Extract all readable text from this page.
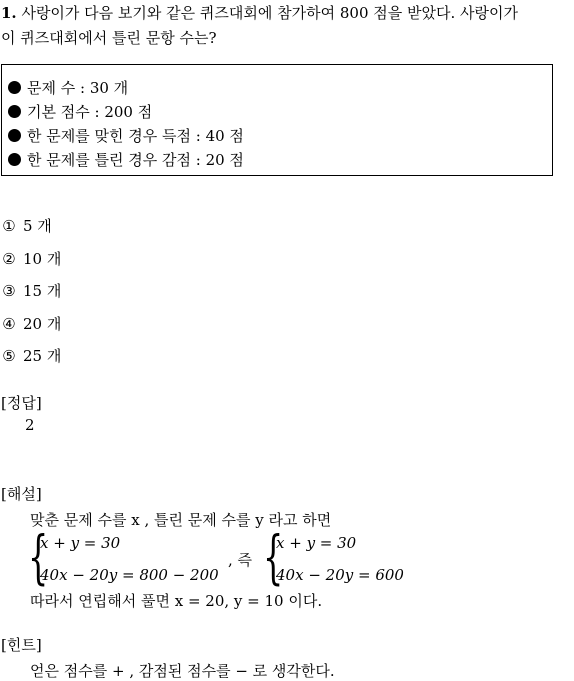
1. 사랑이가 다음 보기와 같은 퀴즈대회에 참가하여 800 점을 받았다. 사랑이가
이 퀴즈대회에서 틀린 문항 수는?
문제 수 : 30 개
기본 점수 : 200 점
한 문제를 맞힌 경우 득점 : 40 점
한 문제를 틀린 경우 감점 : 20 점
① 5 개
② 10 개
③ 15 개
④ 20 개
⑤ 25 개
[정답]
2
[해설]
맞춘 문제 수를 x , 틀린 문제 수를 y 라고 하면
{
x + y = 30
40x − 20y = 800 − 200
, 즉 {
x + y = 30
40x − 20y = 600
따라서 연립해서 풀면 x = 20, y = 10 이다.
[힌트]
얻은 점수를 + , 감점된 점수를 − 로 생각한다.
